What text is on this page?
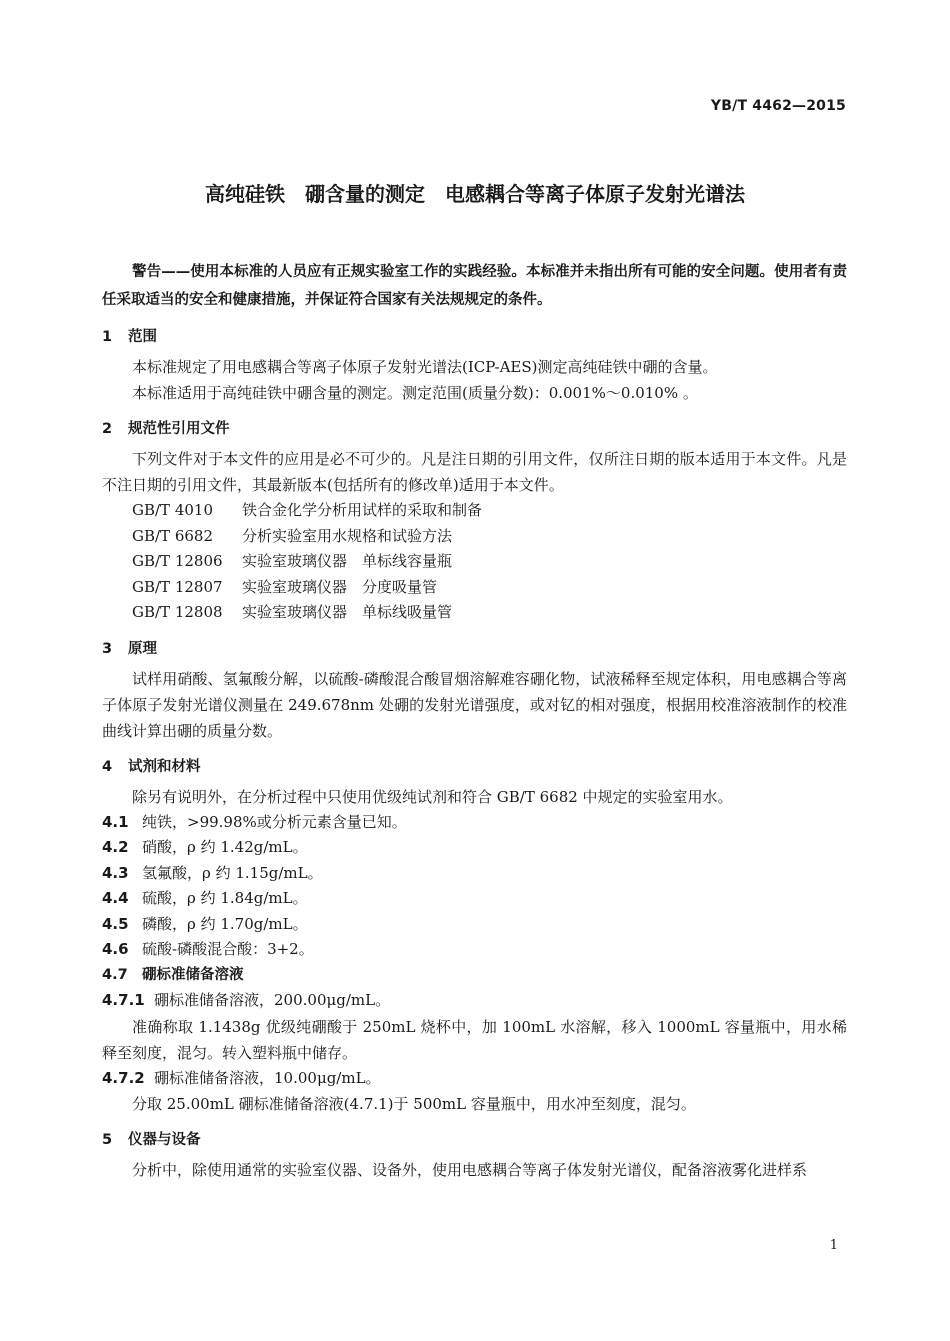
YB/T 4462—2015
高纯硅铁　硼含量的测定　电感耦合等离子体原子发射光谱法

警告——使用本标准的人员应有正规实验室工作的实践经验。本标准并未指出所有可能的安全问题。使用者有责任采取适当的安全和健康措施，并保证符合国家有关法规规定的条件。

1 范围

本标准规定了用电感耦合等离子体原子发射光谱法(ICP-AES)测定高纯硅铁中硼的含量。

本标准适用于高纯硅铁中硼含量的测定。测定范围(质量分数)：0.001%～0.010% 。

2 规范性引用文件

下列文件对于本文件的应用是必不可少的。凡是注日期的引用文件，仅所注日期的版本适用于本文件。凡是不注日期的引用文件，其最新版本(包括所有的修改单)适用于本文件。

GB/T 4010 铁合金化学分析用试样的采取和制备
GB/T 6682 分析实验室用水规格和试验方法
GB/T 12806 实验室玻璃仪器　单标线容量瓶
GB/T 12807 实验室玻璃仪器　分度吸量管
GB/T 12808 实验室玻璃仪器　单标线吸量管
3 原理

试样用硝酸、氢氟酸分解，以硫酸-磷酸混合酸冒烟溶解难容硼化物，试液稀释至规定体积，用电感耦合等离子体原子发射光谱仪测量在 249.678nm 处硼的发射光谱强度，或对钇的相对强度，根据用校准溶液制作的校准曲线计算出硼的质量分数。

4 试剂和材料

除另有说明外，在分析过程中只使用优级纯试剂和符合 GB/T 6682 中规定的实验室用水。

4.1 纯铁，>99.98%或分析元素含量已知。
4.2 硝酸，ρ 约 1.42g/mL。
4.3 氢氟酸，ρ 约 1.15g/mL。
4.4 硫酸，ρ 约 1.84g/mL。
4.5 磷酸，ρ 约 1.70g/mL。
4.6 硫酸-磷酸混合酸：3+2。
4.7 硼标准储备溶液
4.7.1 硼标准储备溶液，200.00μg/mL。

准确称取 1.1438g 优级纯硼酸于 250mL 烧杯中，加 100mL 水溶解，移入 1000mL 容量瓶中，用水稀释至刻度，混匀。转入塑料瓶中储存。

4.7.2 硼标准储备溶液，10.00μg/mL。

分取 25.00mL 硼标准储备溶液(4.7.1)于 500mL 容量瓶中，用水冲至刻度，混匀。

5 仪器与设备

分析中，除使用通常的实验室仪器、设备外，使用电感耦合等离子体发射光谱仪，配备溶液雾化进样系

1
